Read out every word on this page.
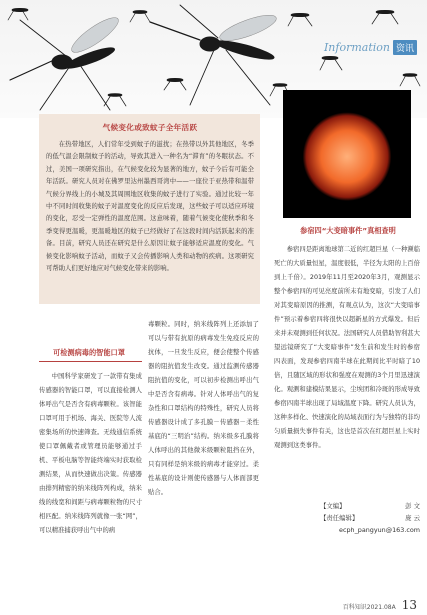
Information 资讯
气候变化或致蚊子全年活跃

在热带地区，人们常年受到蚊子的滋扰；在热带以外其他地区，冬季的低气温会限制蚊子的活动，导致其进入一种名为“滞育”的冬眠状态。不过，美国一项研究指出，在气候变化较为显著的地方，蚊子今后有可能全年活跃。研究人员对在佛罗里达州墨西哥湾中——一座位于亚热带和温带气候分界线上的小城及其周围地区收集的蚊子进行了实验。通过比较一年中不同时间收集的蚊子对温度变化的反应后发现，这些蚊子可以适应环境的变化，忍受一定弹性的温度范围。这意味着，随着气候变化使秋季和冬季变得更温暖，更温暖地区的蚊子已经做好了在这段时间内活跃起来的准备。目前，研究人员还在研究是什么原因让蚊子能够适应温度的变化。气候变化影响蚊子活动，而蚊子又会传播影响人类和动物的疾病。这项研究可帮助人们更好地应对气候变化带来的影响。

参宿四“大变暗事件”真相查明

参宿四是距离地球第二近的红超巨星（一种濒临死亡的大质量恒星，温度很低，半径为太阳的上百倍到上千倍）。2019年11月至2020年3月，观测显示整个参宿四的可见亮度前所未有地变暗，引发了人们对其变暗原因的推测，有观点认为，这次“大变暗事件”预示着参宿四将很快以超新星的方式爆发。但后来并未观测到任何状况。法国研究人员借助智利甚大望远镜研究了“大变暗事件”发生前和发生时的参宿四表面，发现参宿四南半球在此期间比平时暗了10倍，且随区域的形状和强度在观测的3个月里迅速演化。观测和建模结果显示，尘埃团和冷斑的形成导致参宿四南半球出现了局域温度下降。研究人员认为，这种多样化、快速演化的局域表面行为与独特的非均匀质量损失事件有关，这也是首次在红超巨星上实时观测到这类事件。

可检测病毒的智能口罩

中国科学家研发了一款带有集成传感器的智能口罩，可以直接检测人体呼出气是否含有病毒颗粒。该智能口罩可用于机场、海关、医院等人流密集场所的快速筛查。无线通信系统使口罩佩戴者或管理员能够通过手机、平板电脑等智能终端实时获取检测结果，从而快速做出决策。传感器由排列精密的纳米线阵列构成，纳米线的线宽和间距与病毒颗粒物的尺寸相匹配。纳米线阵列就像一张“网”，可以精准捕获呼出气中的病

毒颗粒。同时，纳米线阵列上还添加了可以与带有抗原的病毒发生免疫反应的抗体，一旦发生反应，便会使整个传感器的阻抗值发生改变。通过监测传感器阻抗值的变化，可以初步检测出呼出气中是否含有病毒。针对人体呼出气的复杂性和口罩结构的特殊性，研究人员将传感器设计成了多孔膜－传感器－柔性基底的“三明治”结构。纳米级多孔膜将人体呼出的其他微米级颗粒阻挡在外，只有同样是纳米级的病毒才能穿过。柔性基底的设计则使传感器与人体面部更贴合。

【文编】	彭 文
【责任编辑】	庞 云
ecph_pangyun@163.com
百科知识2021.08A 13
